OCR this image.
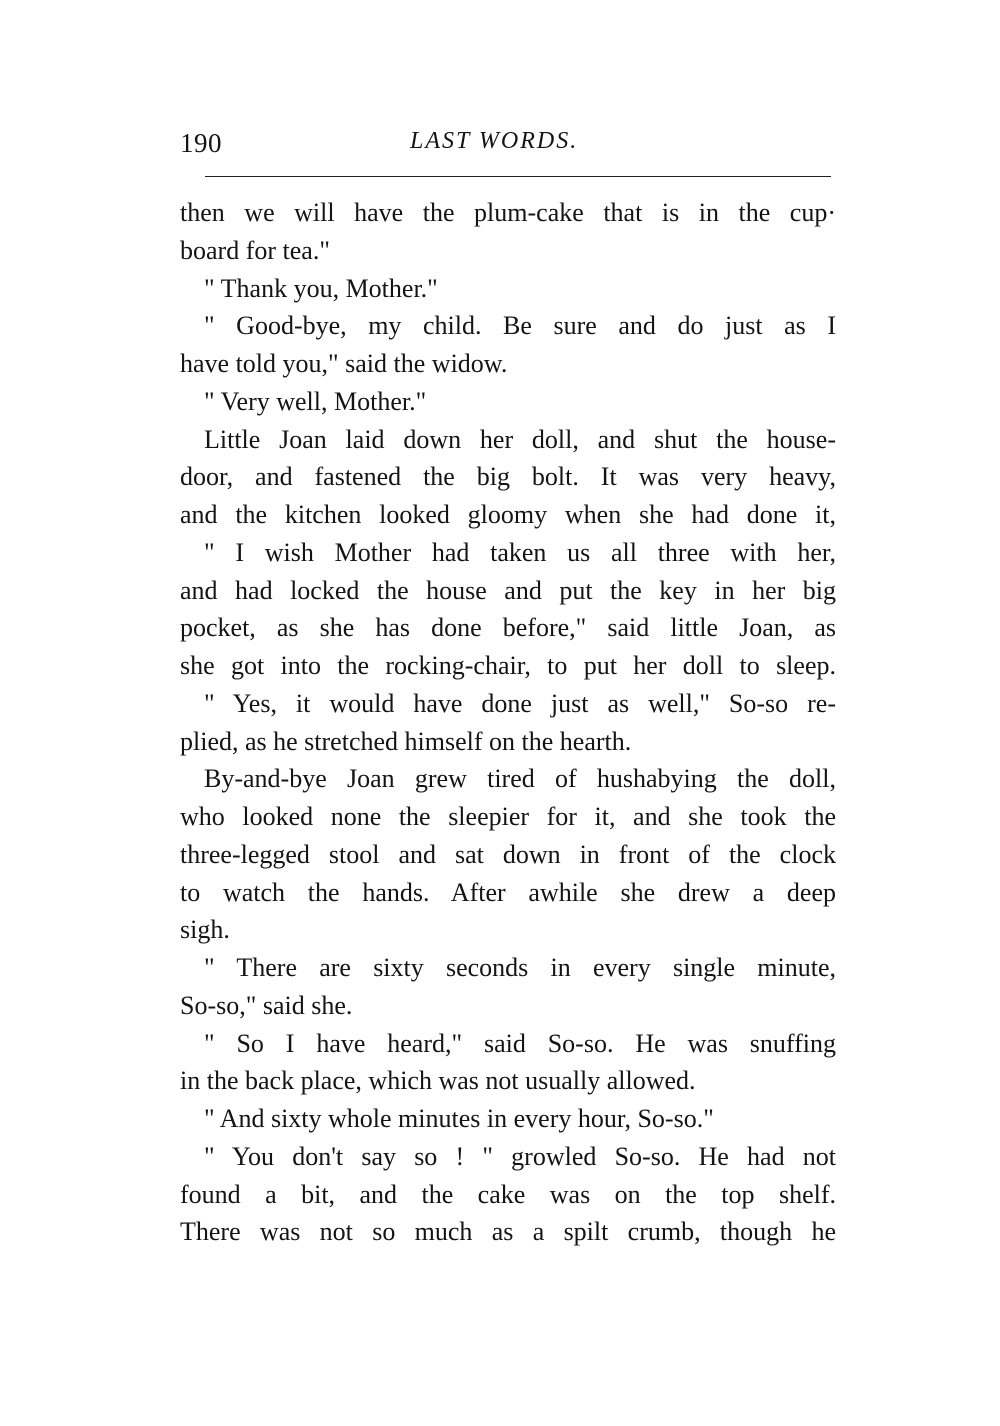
190	LAST WORDS.
then we will have the plum-cake that is in the cup·
board for tea."
" Thank you, Mother."
" Good-bye, my child. Be sure and do just as I
have told you," said the widow.
" Very well, Mother."
Little Joan laid down her doll, and shut the house-
door, and fastened the big bolt. It was very heavy,
and the kitchen looked gloomy when she had done it,
" I wish Mother had taken us all three with her,
and had locked the house and put the key in her big
pocket, as she has done before," said little Joan, as
she got into the rocking-chair, to put her doll to sleep.
" Yes, it would have done just as well," So-so re-
plied, as he stretched himself on the hearth.
By-and-bye Joan grew tired of hushabying the doll,
who looked none the sleepier for it, and she took the
three-legged stool and sat down in front of the clock
to watch the hands. After awhile she drew a deep
sigh.
" There are sixty seconds in every single minute,
So-so," said she.
" So I have heard," said So-so. He was snuffing
in the back place, which was not usually allowed.
" And sixty whole minutes in every hour, So-so."
" You don't say so ! " growled So-so. He had not
found a bit, and the cake was on the top shelf.
There was not so much as a spilt crumb, though he
